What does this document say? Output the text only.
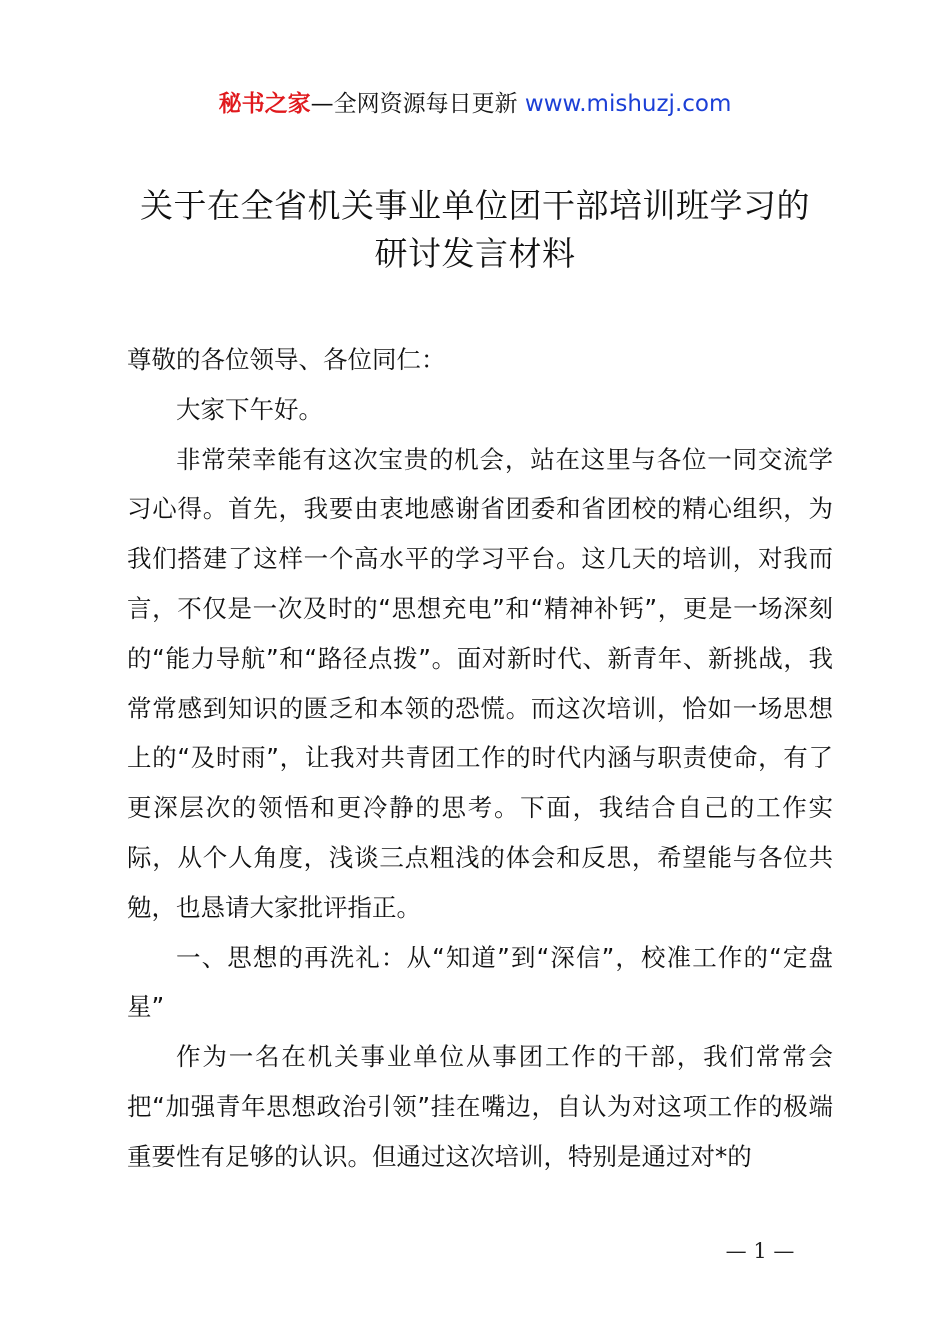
秘书之家—全网资源每日更新 www.mishuzj.com
关于在全省机关事业单位团干部培训班学习的
研讨发言材料

尊敬的各位领导、各位同仁：

大家下午好。

非常荣幸能有这次宝贵的机会，站在这里与各位一同交流学习心得。首先，我要由衷地感谢省团委和省团校的精心组织，为我们搭建了这样一个高水平的学习平台。这几天的培训，对我而言，不仅是一次及时的“思想充电”和“精神补钙”，更是一场深刻的“能力导航”和“路径点拨”。面对新时代、新青年、新挑战，我常常感到知识的匮乏和本领的恐慌。而这次培训，恰如一场思想上的“及时雨”，让我对共青团工作的时代内涵与职责使命，有了更深层次的领悟和更冷静的思考。下面，我结合自己的工作实际，从个人角度，浅谈三点粗浅的体会和反思，希望能与各位共勉，也恳请大家批评指正。

一、思想的再洗礼：从“知道”到“深信”，校准工作的“定盘星”

作为一名在机关事业单位从事团工作的干部，我们常常会把“加强青年思想政治引领”挂在嘴边，自认为对这项工作的极端重要性有足够的认识。但通过这次培训，特别是通过对*的

— 1 —
